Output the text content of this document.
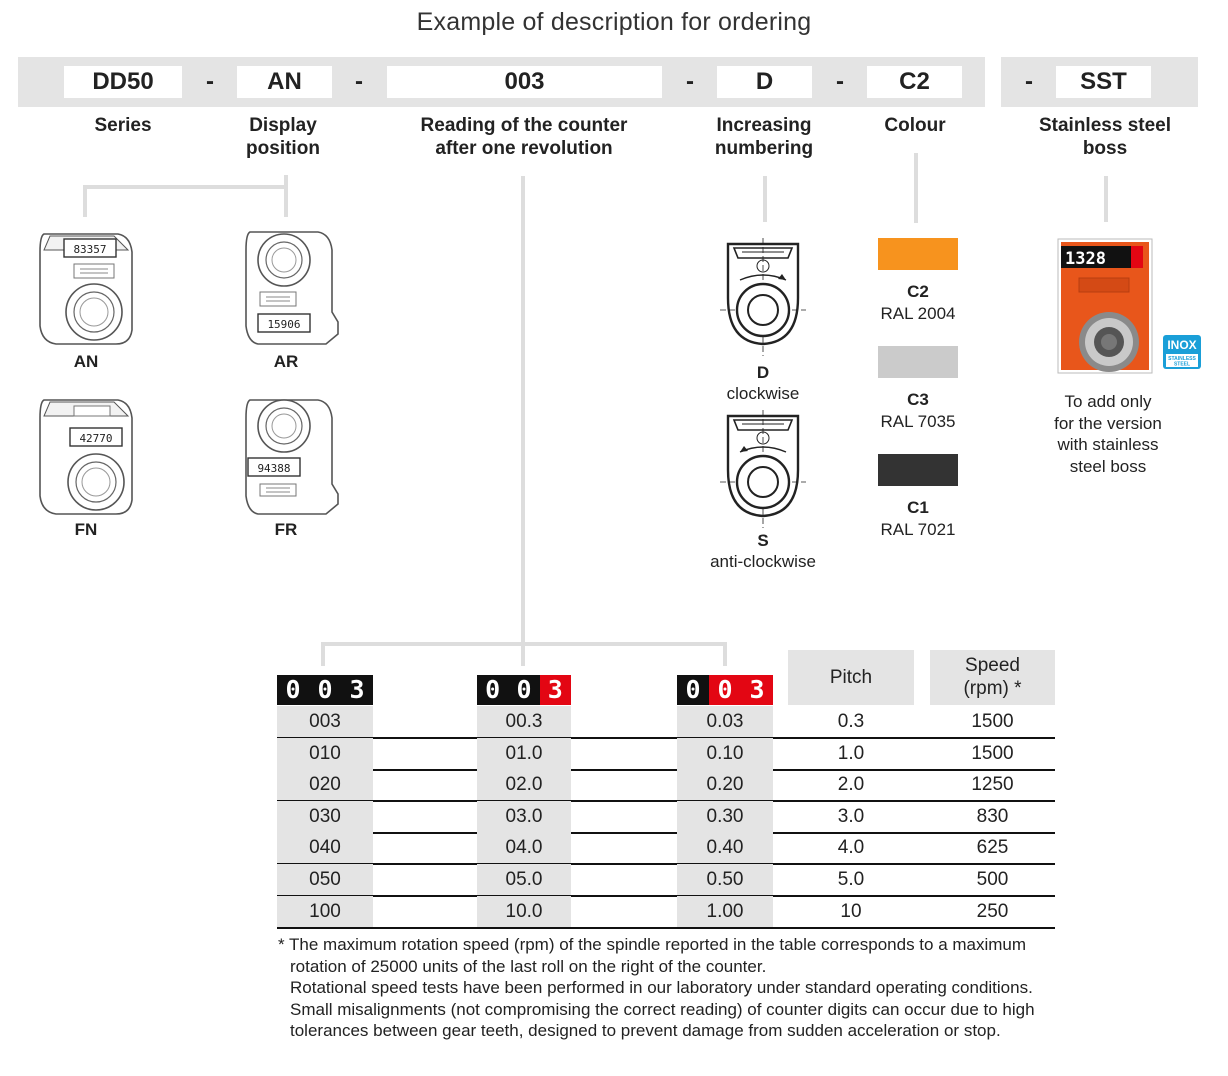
Example of description for ordering
DD50	-	AN	-	003	-	D	-	C2	-	SST
Series	Display
position
Reading of the counter
after one revolution
Increasing
numbering
Colour	Stainless steel
boss
83357
AN
15906
AR
42770
FN
94388
FR
D
clockwise
S
anti-clockwise
C2
RAL 2004
C3
RAL 7035
C1
RAL 7021
1328
INOX
STAINLESS
STEEL
To add only
for the version
with stainless
steel boss
0 0 3	0 0 3	0 0 3	Pitch
Speed
(rpm) *
003	00.3	0.03	0.3	1500
010	01.0	0.10	1.0	1500
020	02.0	0.20	2.0	1250
030	03.0	0.30	3.0	830
040	04.0	0.40	4.0	625
050	05.0	0.50	5.0	500
100	10.0	1.00	10	250
* The maximum rotation speed (rpm) of the spindle reported in the table corresponds to a maximum
rotation of 25000 units of the last roll on the right of the counter.
Rotational speed tests have been performed in our laboratory under standard operating conditions.
Small misalignments (not compromising the correct reading) of counter digits can occur due to high
tolerances between gear teeth, designed to prevent damage from sudden acceleration or stop.
